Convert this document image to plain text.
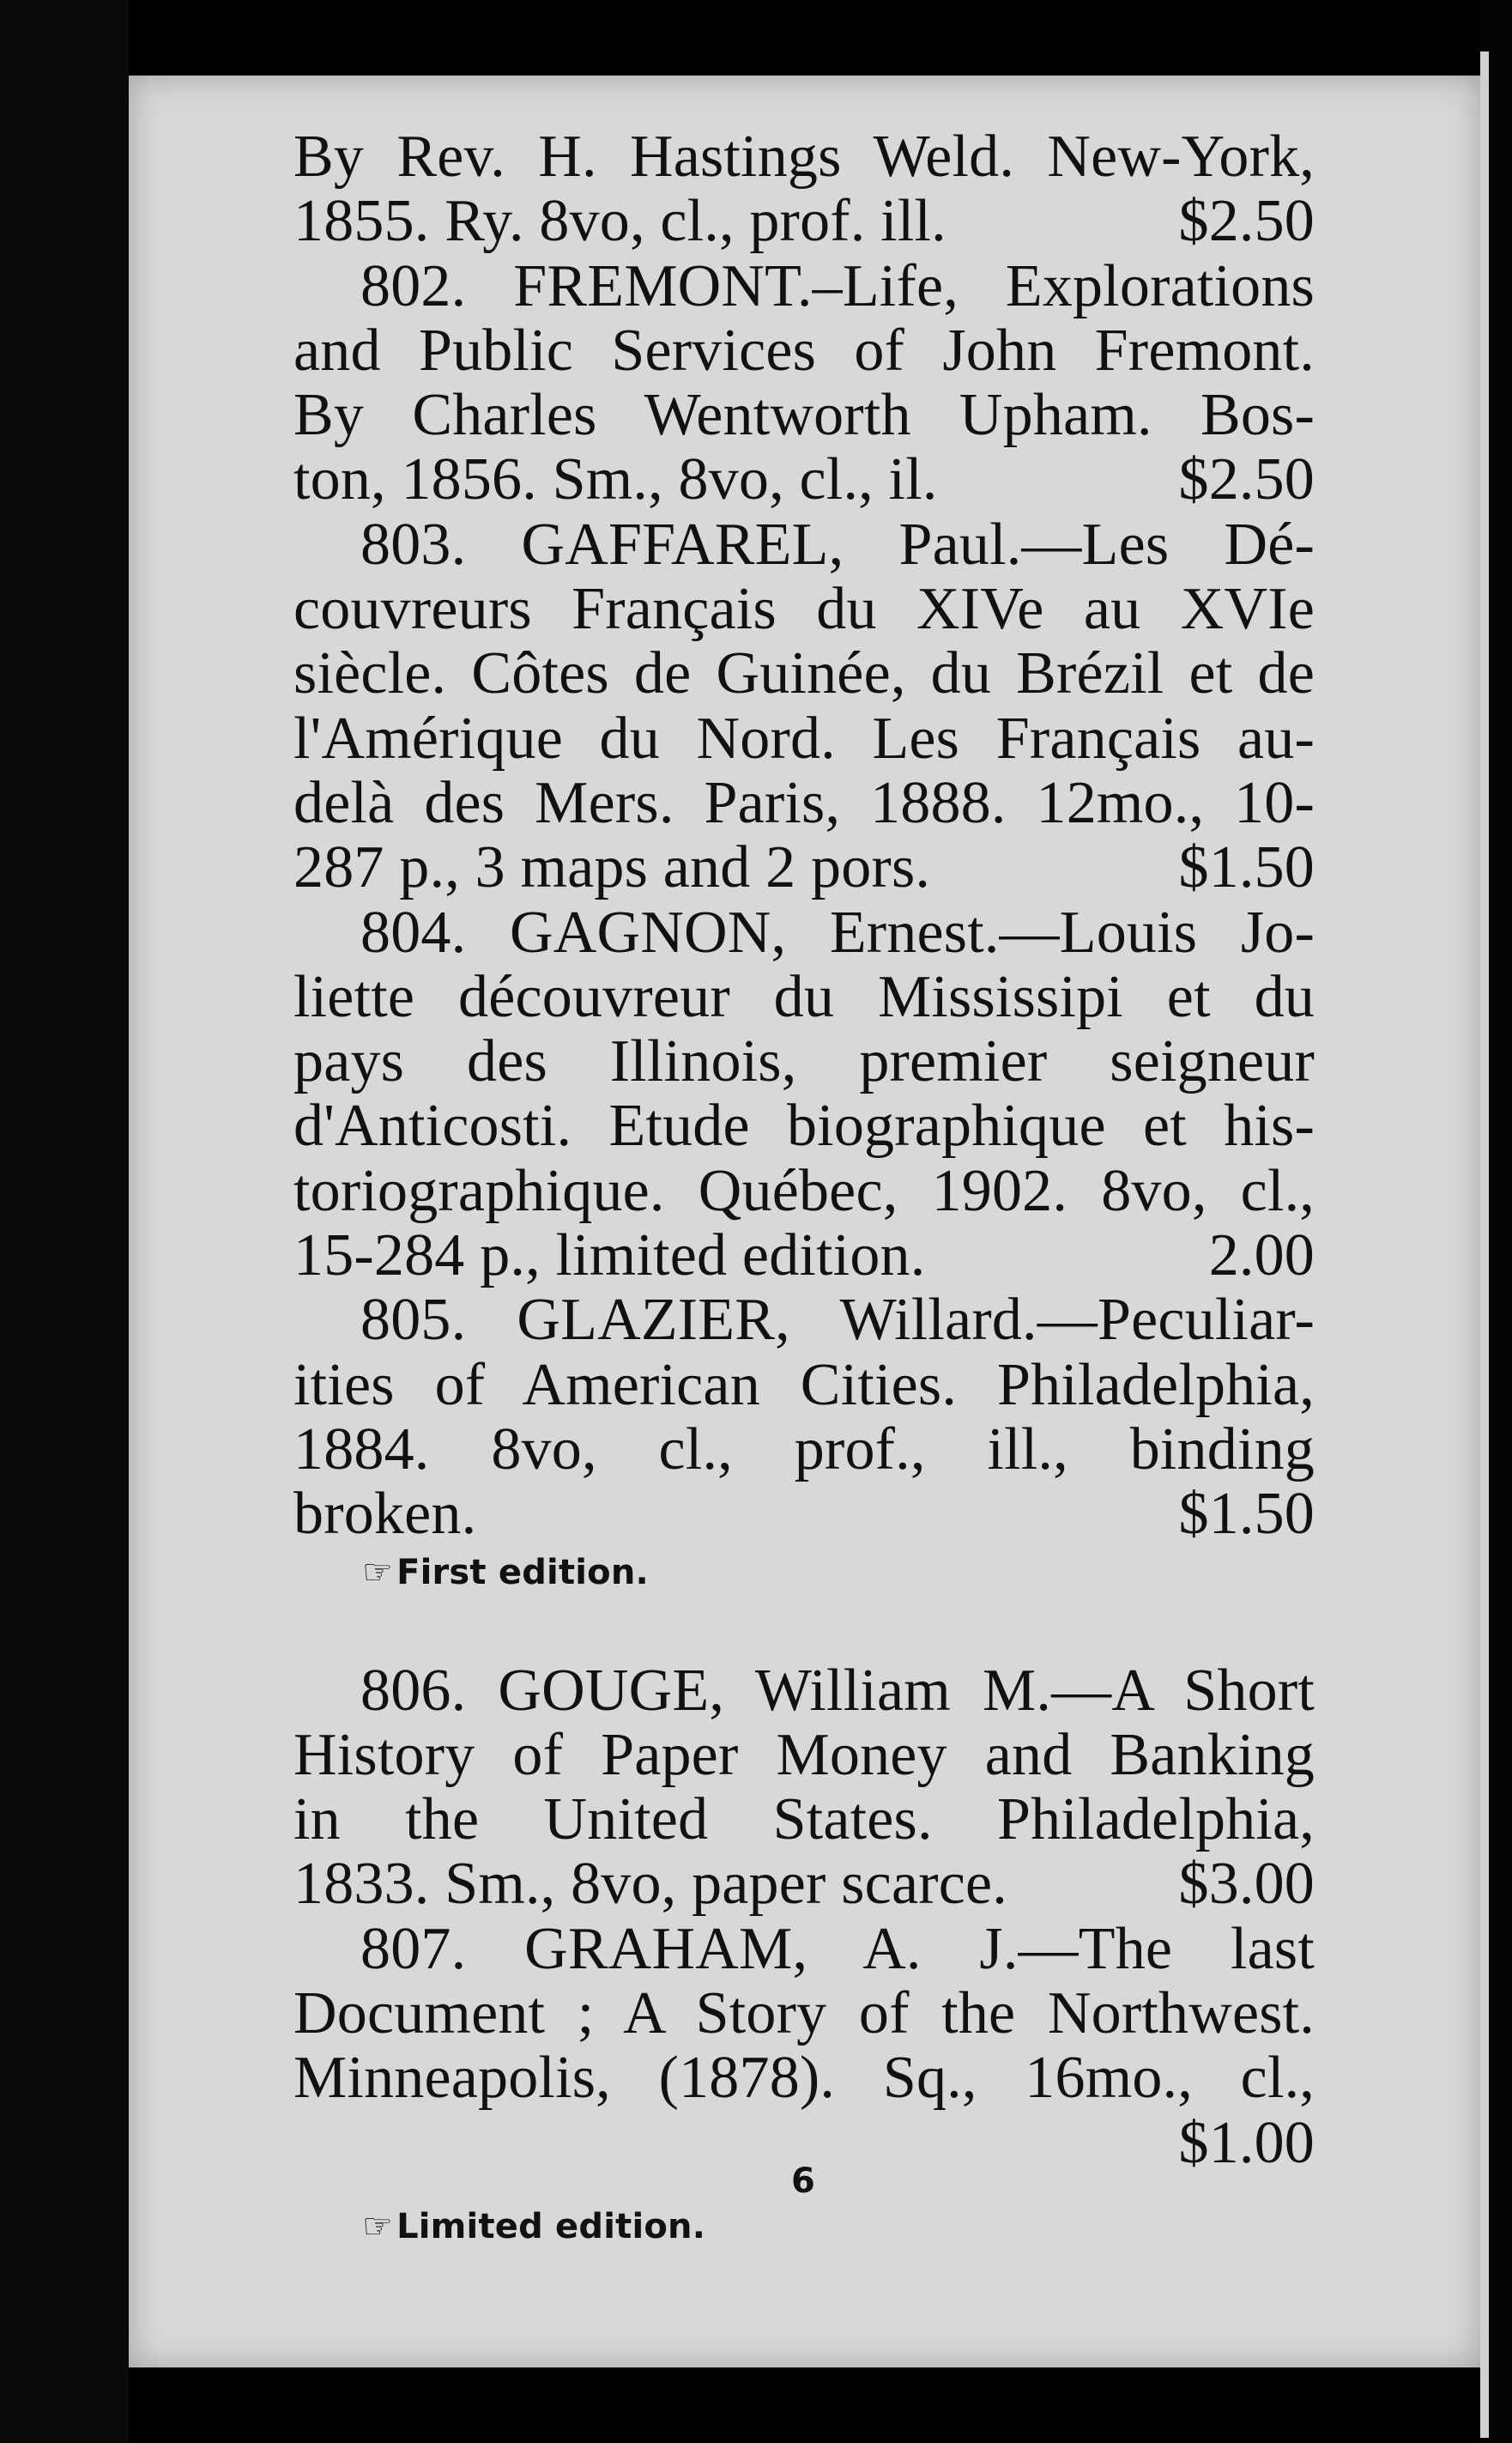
By Rev. H. Hastings Weld. New-York,
1855. Ry. 8vo, cl., prof. ill.	$2.50
802. FREMONT.–Life, Explorations
and Public Services of John Fremont.
By Charles Wentworth Upham. Bos-
ton, 1856. Sm., 8vo, cl., il.	$2.50
803. GAFFAREL, Paul.—Les Dé-
couvreurs Français du XIVe au XVIe
siècle. Côtes de Guinée, du Brézil et de
l'Amérique du Nord. Les Français au-
delà des Mers. Paris, 1888. 12mo., 10-
287 p., 3 maps and 2 pors.	$1.50
804. GAGNON, Ernest.—Louis Jo-
liette découvreur du Mississipi et du
pays des Illinois, premier seigneur
d'Anticosti. Etude biographique et his-
toriographique. Québec, 1902. 8vo, cl.,
15-284 p., limited edition.	2.00
805. GLAZIER, Willard.—Peculiar-
ities of American Cities. Philadelphia,
1884. 8vo, cl., prof., ill., binding
broken.	$1.50
☞ First edition.
806. GOUGE, William M.—A Short
History of Paper Money and Banking
in the United States. Philadelphia,
1833. Sm., 8vo, paper scarce.	$3.00
807. GRAHAM, A. J.—The last
Document ; A Story of the Northwest.
Minneapolis, (1878). Sq., 16mo., cl.,
$1.00
☞ Limited edition.
6
